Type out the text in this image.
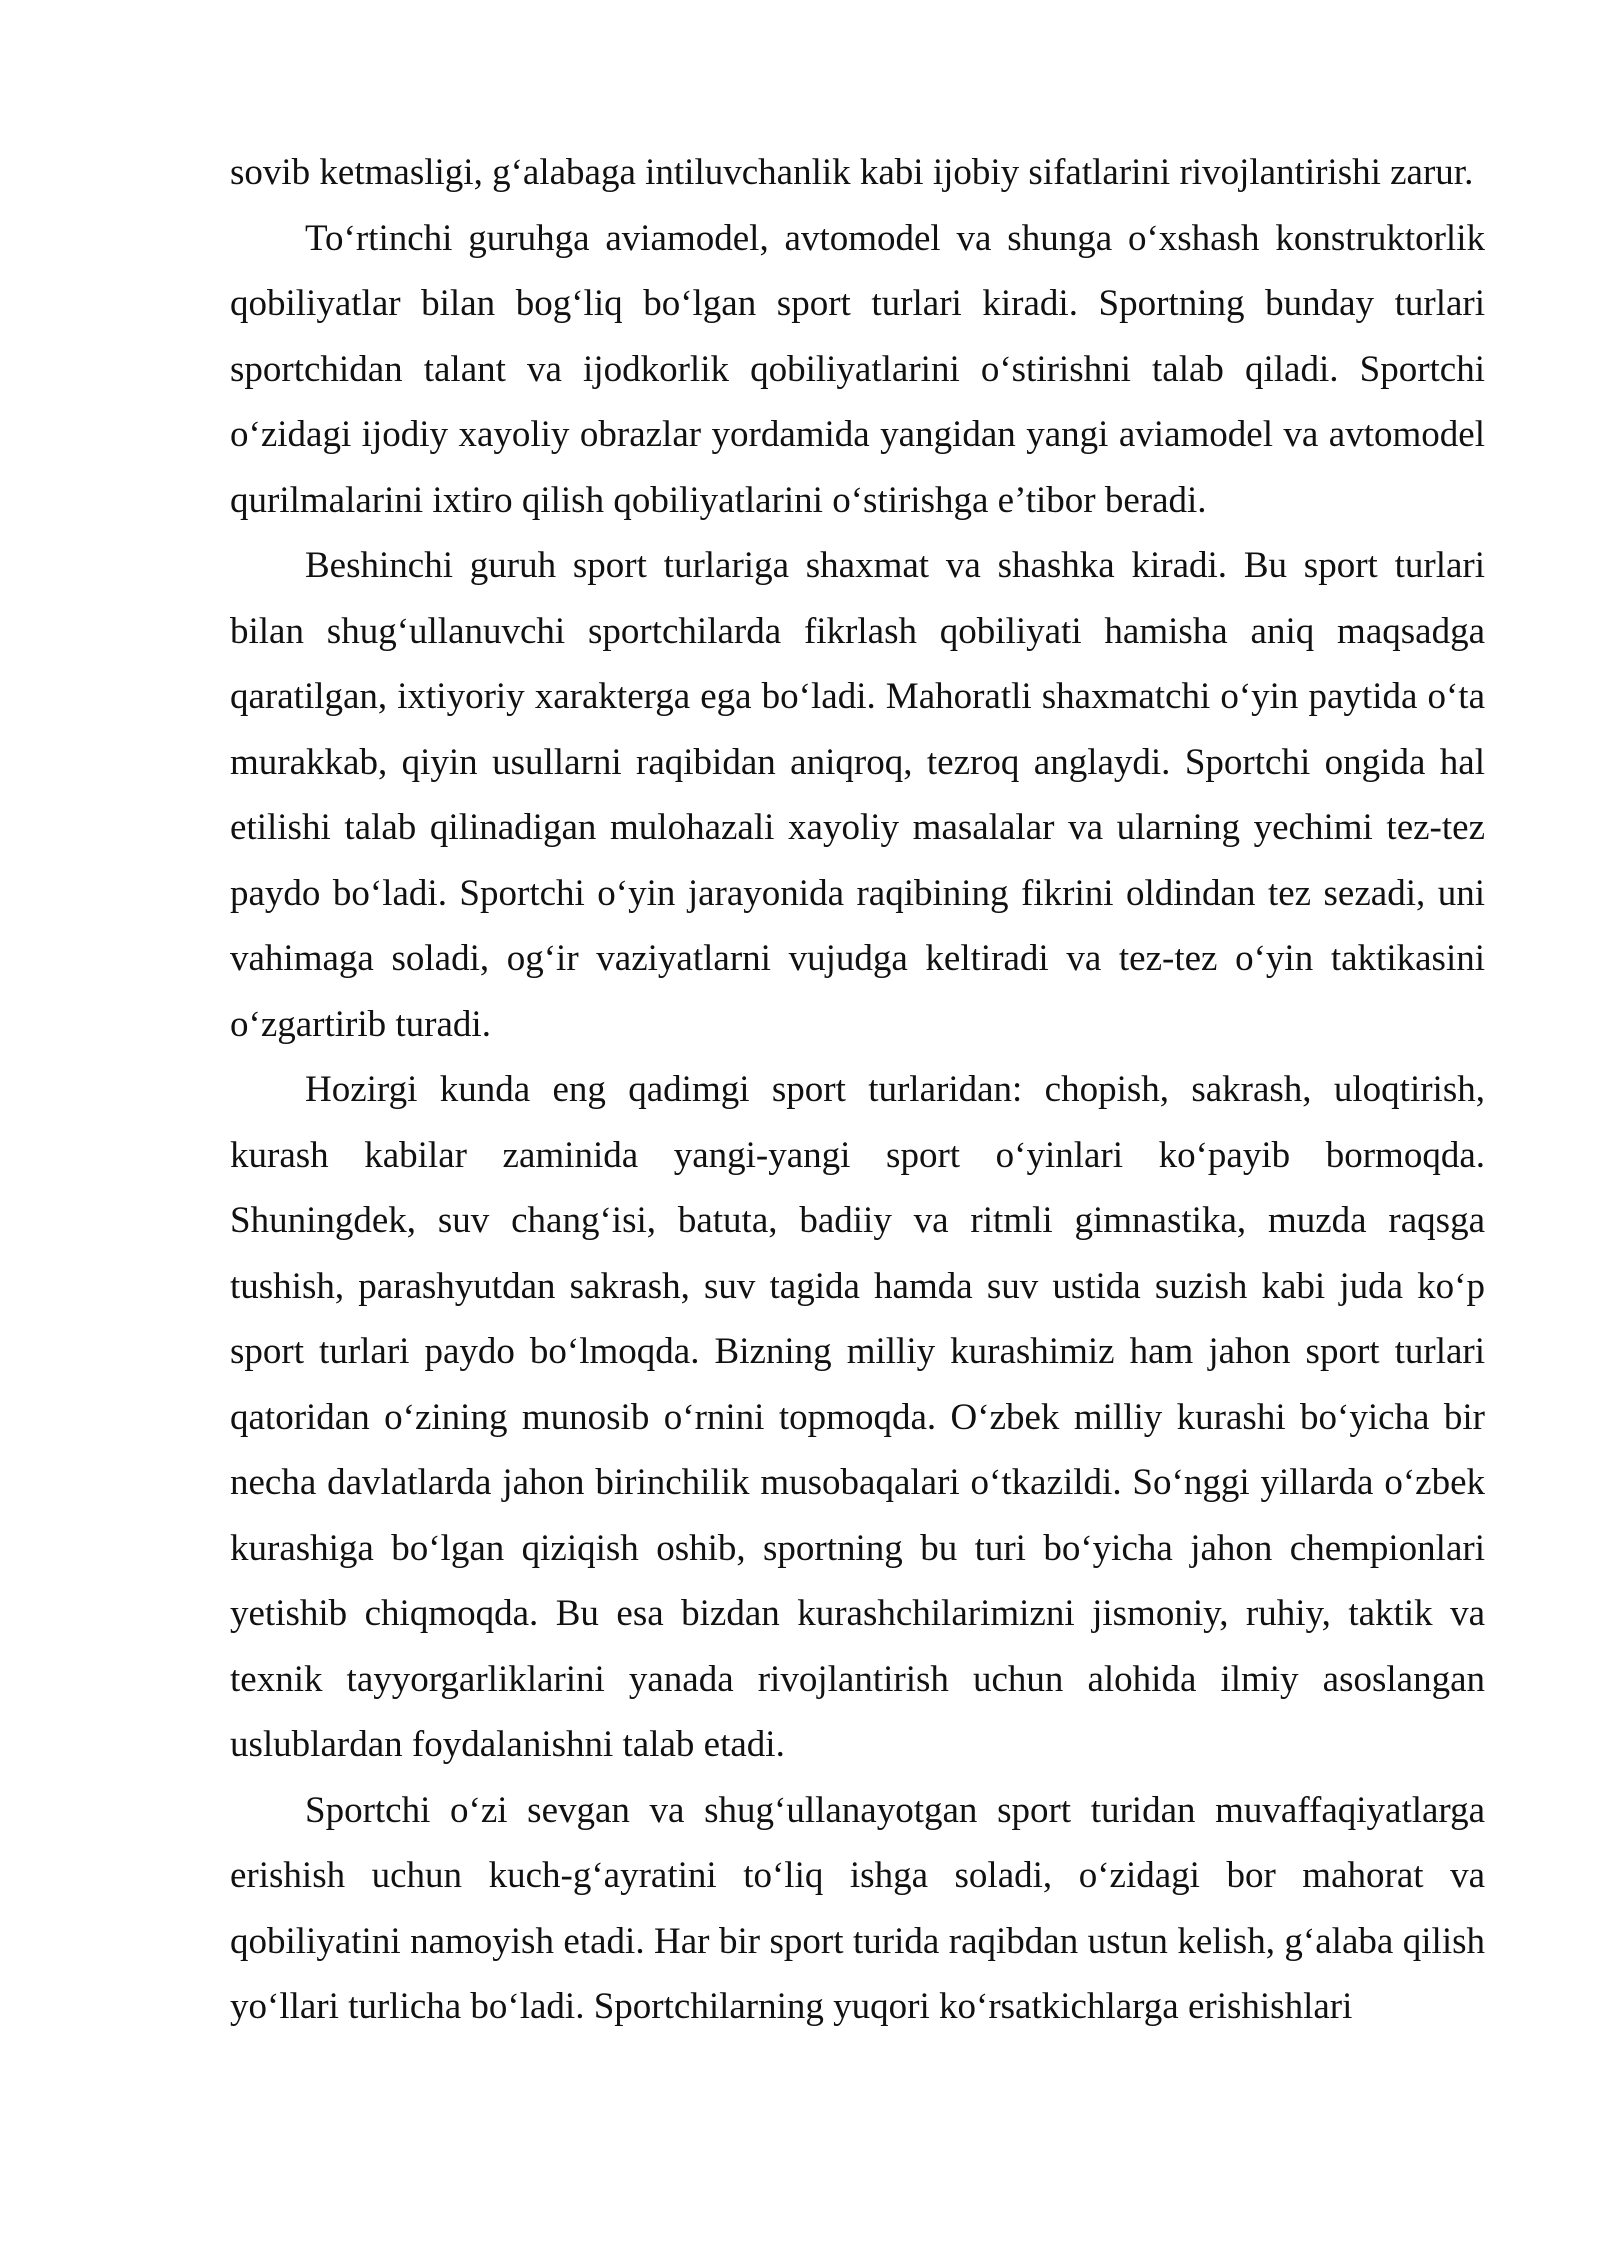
sovib ketmasligi, g‘alabaga intiluvchanlik kabi ijobiy sifatlarini rivojlantirishi zarur.

To‘rtinchi guruhga aviamodel, avtomodel va shunga o‘xshash konstruktorlik qobiliyatlar bilan bog‘liq bo‘lgan sport turlari kiradi. Sportning bunday turlari sportchidan talant va ijodkorlik qobiliyatlarini o‘stirishni talab qiladi. Sportchi o‘zidagi ijodiy xayoliy obrazlar yordamida yangidan yangi aviamodel va avtomodel qurilmalarini ixtiro qilish qobiliyatlarini o‘stirishga e’tibor beradi.

Beshinchi guruh sport turlariga shaxmat va shashka kiradi. Bu sport turlari bilan shug‘ullanuvchi sportchilarda fikrlash qobiliyati hamisha aniq maqsadga qaratilgan, ixtiyoriy xarakterga ega bo‘ladi. Mahoratli shaxmatchi o‘yin paytida o‘ta murakkab, qiyin usullarni raqibidan aniqroq, tezroq anglaydi. Sportchi ongida hal etilishi talab qilinadigan mulohazali xayoliy masalalar va ularning yechimi tez-tez paydo bo‘ladi. Sportchi o‘yin jarayonida raqibining fikrini oldindan tez sezadi, uni vahimaga soladi, og‘ir vaziyatlarni vujudga keltiradi va tez-tez o‘yin taktikasini o‘zgartirib turadi.

Hozirgi kunda eng qadimgi sport turlaridan: chopish, sakrash, uloqtirish, kurash kabilar zaminida yangi-yangi sport o‘yinlari ko‘payib bormoqda. Shuningdek, suv chang‘isi, batuta, badiiy va ritmli gimnastika, muzda raqsga tushish, parashyutdan sakrash, suv tagida hamda suv ustida suzish kabi juda ko‘p sport turlari paydo bo‘lmoqda. Bizning milliy kurashimiz ham jahon sport turlari qatoridan o‘zining munosib o‘rnini topmoqda. O‘zbek milliy kurashi bo‘yicha bir necha davlatlarda jahon birinchilik musobaqalari o‘tkazildi. So‘nggi yillarda o‘zbek kurashiga bo‘lgan qiziqish oshib, sportning bu turi bo‘yicha jahon chempionlari yetishib chiqmoqda. Bu esa bizdan kurashchilarimizni jismoniy, ruhiy, taktik va texnik tayyorgarliklarini yanada rivojlantirish uchun alohida ilmiy asoslangan uslublardan foydalanishni talab etadi.

Sportchi o‘zi sevgan va shug‘ullanayotgan sport turidan muvaffaqiyatlarga erishish uchun kuch-g‘ayratini to‘liq ishga soladi, o‘zidagi bor mahorat va qobiliyatini namoyish etadi. Har bir sport turida raqibdan ustun kelish, g‘alaba qilish yo‘llari turlicha bo‘ladi. Sportchilarning yuqori ko‘rsatkichlarga erishishlari
